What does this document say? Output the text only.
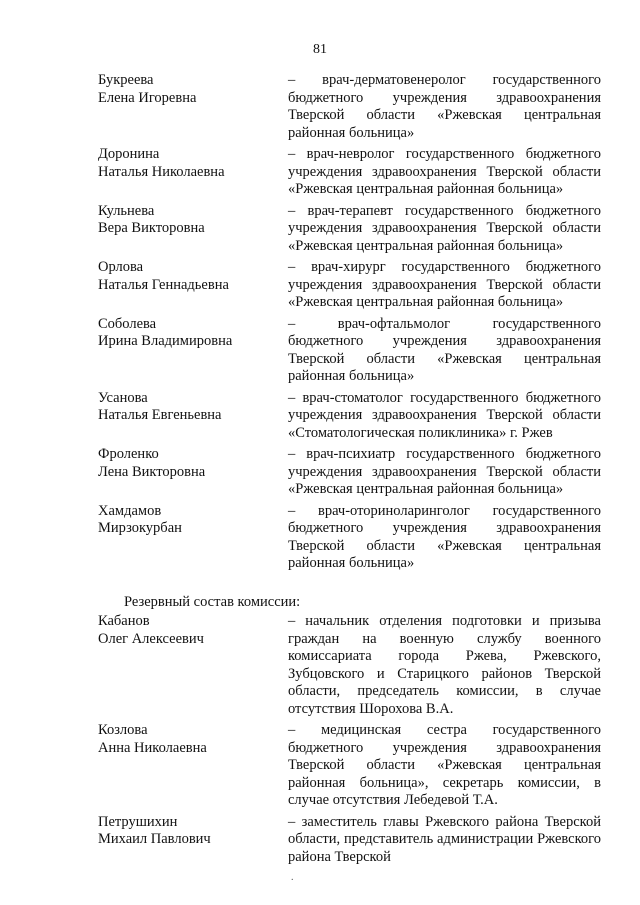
81
Букреева
Елена Игоревна
– врач-дерматовенеролог государственного бюджетного учреждения здравоохранения Тверской области «Ржевская центральная районная больница»
Доронина
Наталья Николаевна
– врач-невролог государственного бюджетного учреждения здравоохранения Тверской области «Ржевская центральная районная больница»
Кульнева
Вера Викторовна
– врач-терапевт государственного бюджетного учреждения здравоохранения Тверской области «Ржевская центральная районная больница»
Орлова
Наталья Геннадьевна
– врач-хирург государственного бюджетного учреждения здравоохранения Тверской области «Ржевская центральная районная больница»
Соболева
Ирина Владимировна
– врач-офтальмолог государственного бюджетного учреждения здравоохранения Тверской области «Ржевская центральная районная больница»
Усанова
Наталья Евгеньевна
– врач-стоматолог государственного бюджетного учреждения здравоохранения Тверской области «Стоматологическая поликлиника» г. Ржев
Фроленко
Лена Викторовна
– врач-психиатр государственного бюджетного учреждения здравоохранения Тверской области «Ржевская центральная районная больница»
Хамдамов
Мирзокурбан
– врач-оториноларинголог государственного бюджетного учреждения здравоохранения Тверской области «Ржевская центральная районная больница»
Резервный состав комиссии:
Кабанов
Олег Алексеевич
– начальник отделения подготовки и призыва граждан на военную службу военного комиссариата города Ржева, Ржевского, Зубцовского и Старицкого районов Тверской области, председатель комиссии, в случае отсутствия Шорохова В.А.
Козлова
Анна Николаевна
– медицинская сестра государственного бюджетного учреждения здравоохранения Тверской области «Ржевская центральная районная больница», секретарь комиссии, в случае отсутствия Лебедевой Т.А.
Петрушихин
Михаил Павлович
– заместитель главы Ржевского района Тверской области, представитель администрации Ржевского района Тверской
.
